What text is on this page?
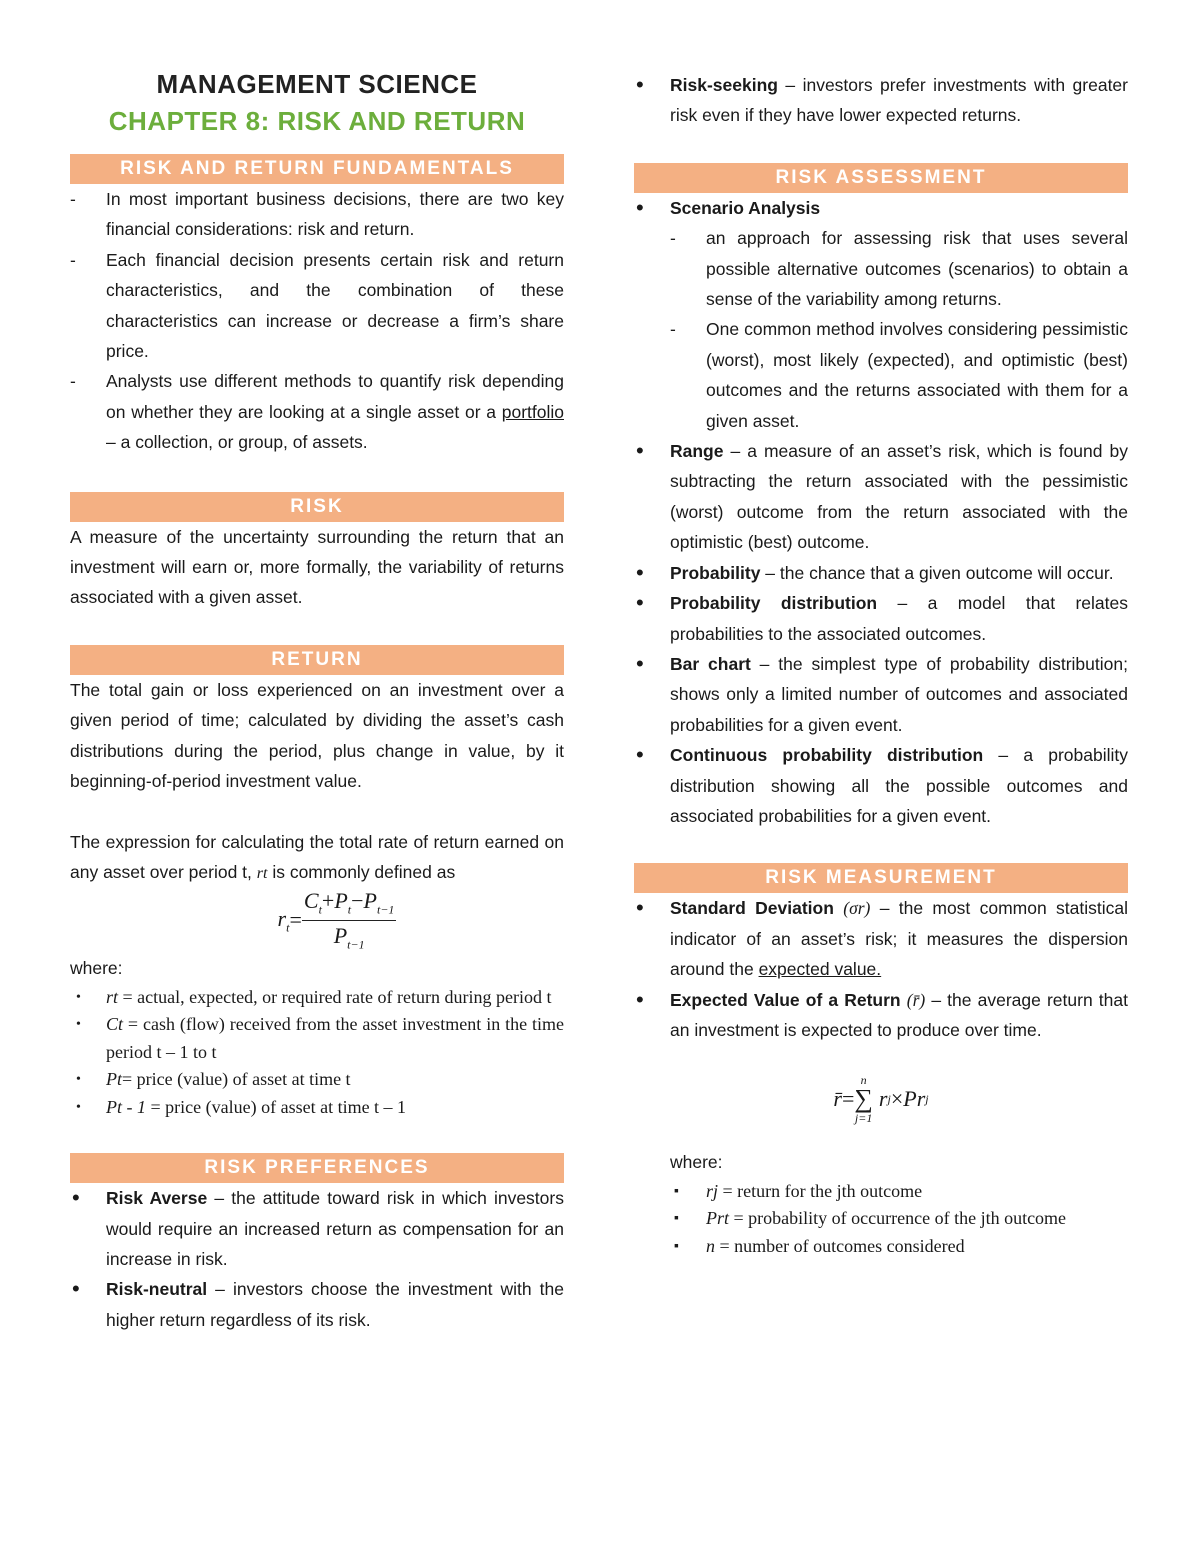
MANAGEMENT SCIENCE
CHAPTER 8: RISK AND RETURN
RISK AND RETURN FUNDAMENTALS
- In most important business decisions, there are two key financial considerations: risk and return.
- Each financial decision presents certain risk and return characteristics, and the combination of these characteristics can increase or decrease a firm’s share price.
- Analysts use different methods to quantify risk depending on whether they are looking at a single asset or a portfolio – a collection, or group, of assets.
RISK

A measure of the uncertainty surrounding the return that an investment will earn or, more formally, the variability of returns associated with a given asset.

RETURN

The total gain or loss experienced on an investment over a given period of time; calculated by dividing the asset’s cash distributions during the period, plus change in value, by it beginning-of-period investment value.

The expression for calculating the total rate of return earned on any asset over period t, rt is commonly defined as

$r_t = \frac{C_t+P_t-P_{t-1}}{P_{t-1}}$

where:

• rt = actual, expected, or required rate of return during period t
• Ct = cash (flow) received from the asset investment in the time period t – 1 to t
• Pt= price (value) of asset at time t
• Pt - 1 = price (value) of asset at time t – 1
RISK PREFERENCES
• Risk Averse – the attitude toward risk in which investors would require an increased return as compensation for an increase in risk.
• Risk-neutral – investors choose the investment with the higher return regardless of its risk.
• Risk-seeking – investors prefer investments with greater risk even if they have lower expected returns.
RISK ASSESSMENT
• Scenario Analysis
- an approach for assessing risk that uses several possible alternative outcomes (scenarios) to obtain a sense of the variability among returns.
- One common method involves considering pessimistic (worst), most likely (expected), and optimistic (best) outcomes and the returns associated with them for a given asset.
• Range – a measure of an asset’s risk, which is found by subtracting the return associated with the pessimistic (worst) outcome from the return associated with the optimistic (best) outcome.
• Probability – the chance that a given outcome will occur.
• Probability distribution – a model that relates probabilities to the associated outcomes.
• Bar chart – the simplest type of probability distribution; shows only a limited number of outcomes and associated probabilities for a given event.
• Continuous probability distribution – a probability distribution showing all the possible outcomes and associated probabilities for a given event.
RISK MEASUREMENT
• Standard Deviation (σr) – the most common statistical indicator of an asset’s risk; it measures the dispersion around the expected value.
• Expected Value of a Return (r̄) – the average return that an investment is expected to produce over time.
r̄ =
n
∑
j=1
r j × Pr j

where:

▪ rj = return for the jth outcome
▪ Prt = probability of occurrence of the jth outcome
▪ n = number of outcomes considered
